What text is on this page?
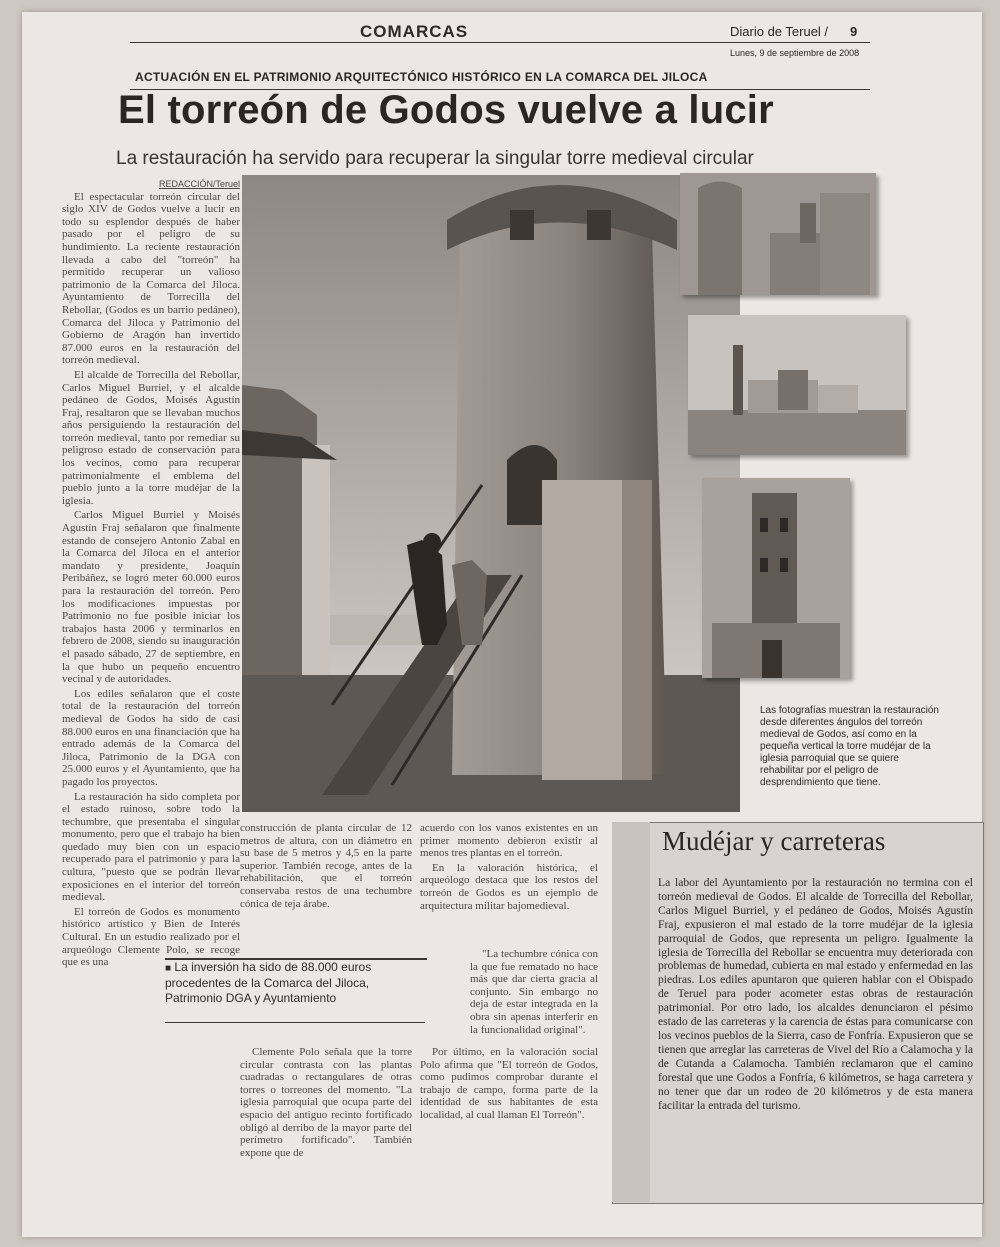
COMARCAS	Diario de Teruel / 9
Lunes, 9 de septiembre de 2008
ACTUACIÓN EN EL PATRIMONIO ARQUITECTÓNICO HISTÓRICO EN LA COMARCA DEL JILOCA
El torreón de Godos vuelve a lucir
La restauración ha servido para recuperar la singular torre medieval circular
REDACCIÓN/Teruel

El espectacular torreón circular del siglo XIV de Godos vuelve a lucir en todo su esplendor después de haber pasado por el peligro de su hundimiento. La reciente restauración llevada a cabo del "torreón" ha permitido recuperar un valioso patrimonio de la Comarca del Jiloca. Ayuntamiento de Torrecilla del Rebollar, (Godos es un barrio pedáneo), Comarca del Jiloca y Patrimonio del Gobierno de Aragón han invertido 87.000 euros en la restauración del torreón medieval.

El alcalde de Torrecilla del Rebollar, Carlos Miguel Burriel, y el alcalde pedáneo de Godos, Moisés Agustín Fraj, resaltaron que se llevaban muchos años persiguiendo la restauración del torreón medieval, tanto por remediar su peligroso estado de conservación para los vecinos, como para recuperar patrimonialmente el emblema del pueblo junto a la torre mudéjar de la iglesia.

Carlos Miguel Burriel y Moisés Agustín Fraj señalaron que finalmente estando de consejero Antonio Zabal en la Comarca del Jiloca en el anterior mandato y presidente, Joaquín Peribáñez, se logró meter 60.000 euros para la restauración del torreón. Pero los modificaciones impuestas por Patrimonio no fue posible iniciar los trabajos hasta 2006 y terminarlos en febrero de 2008, siendo su inauguración el pasado sábado, 27 de septiembre, en la que hubo un pequeño encuentro vecinal y de autoridades.

Los ediles señalaron que el coste total de la restauración del torreón medieval de Godos ha sido de casi 88.000 euros en una financiación que ha entrado además de la Comarca del Jiloca, Patrimonio de la DGA con 25.000 euros y el Ayuntamiento, que ha pagado los proyectos.

La restauración ha sido completa por el estado ruinoso, sobre todo la techumbre, que presentaba el singular monumento, pero que el trabajo ha bien quedado muy bien con un espacio recuperado para el patrimonio y para la cultura, "puesto que se podrán llevar exposiciones en el interior del torreón medieval.

El torreón de Godos es monumento histórico artístico y Bien de Interés Cultural. En un estudio realizado por el arqueólogo Clemente Polo, se recoge que es una

Las fotografías muestran la restauración desde diferentes ángulos del torreón medieval de Godos, así como en la pequeña vertical la torre mudéjar de la iglesia parroquial que se quiere rehabilitar por el peligro de desprendimiento que tiene.

construcción de planta circular de 12 metros de altura, con un diámetro en su base de 5 metros y 4,5 en la parte superior. También recoge, antes de la rehabilitación, que el torreón conservaba restos de una techumbre cónica de teja árabe.

■ La inversión ha sido de 88.000 euros procedentes de la Comarca del Jiloca, Patrimonio DGA y Ayuntamiento

Clemente Polo señala que la torre circular contrasta con las plantas cuadradas o rectangulares de otras torres o torreones del momento. "La iglesia parroquial que ocupa parte del espacio del antiguo recinto fortificado obligó al derribo de la mayor parte del perímetro fortificado". También expone que de

acuerdo con los vanos existentes en un primer momento debieron existir al menos tres plantas en el torreón.

En la valoración histórica, el arqueólogo destaca que los restos del torreón de Godos es un ejemplo de arquitectura militar bajomedieval.

"La techumbre cónica con la que fue rematado no hace más que dar cierta gracia al conjunto. Sin embargo no deja de estar integrada en la obra sin apenas interferir en la funcionalidad original".

Por último, en la valoración social Polo afirma que "El torreón de Godos, como pudimos comprobar durante el trabajo de campo, forma parte de la identidad de sus habitantes de esta localidad, al cual llaman El Torreón".

Mudéjar y carreteras
La labor del Ayuntamiento por la restauración no termina con el torreón medieval de Godos. El alcalde de Torrecilla del Rebollar, Carlos Miguel Burriel, y el pedáneo de Godos, Moisés Agustín Fraj, expusieron el mal estado de la torre mudéjar de la iglesia parroquial de Godos, que representa un peligro. Igualmente la iglesia de Torrecilla del Rebollar se encuentra muy deteriorada con problemas de humedad, cubierta en mal estado y enfermedad en las piedras. Los ediles apuntaron que quieren hablar con el Obispado de Teruel para poder acometer estas obras de restauración patrimonial. Por otro lado, los alcaldes denunciaron el pésimo estado de las carreteras y la carencia de éstas para comunicarse con los vecinos pueblos de la Sierra, caso de Fonfría. Expusieron que se tienen que arreglar las carreteras de Vivel del Río a Calamocha y la de Cutanda a Calamocha. También reclamaron que el camino forestal que une Godos a Fonfría, 6 kilómetros, se haga carretera y no tener que dar un rodeo de 20 kilómetros y de esta manera facilitar la entrada del turismo.
